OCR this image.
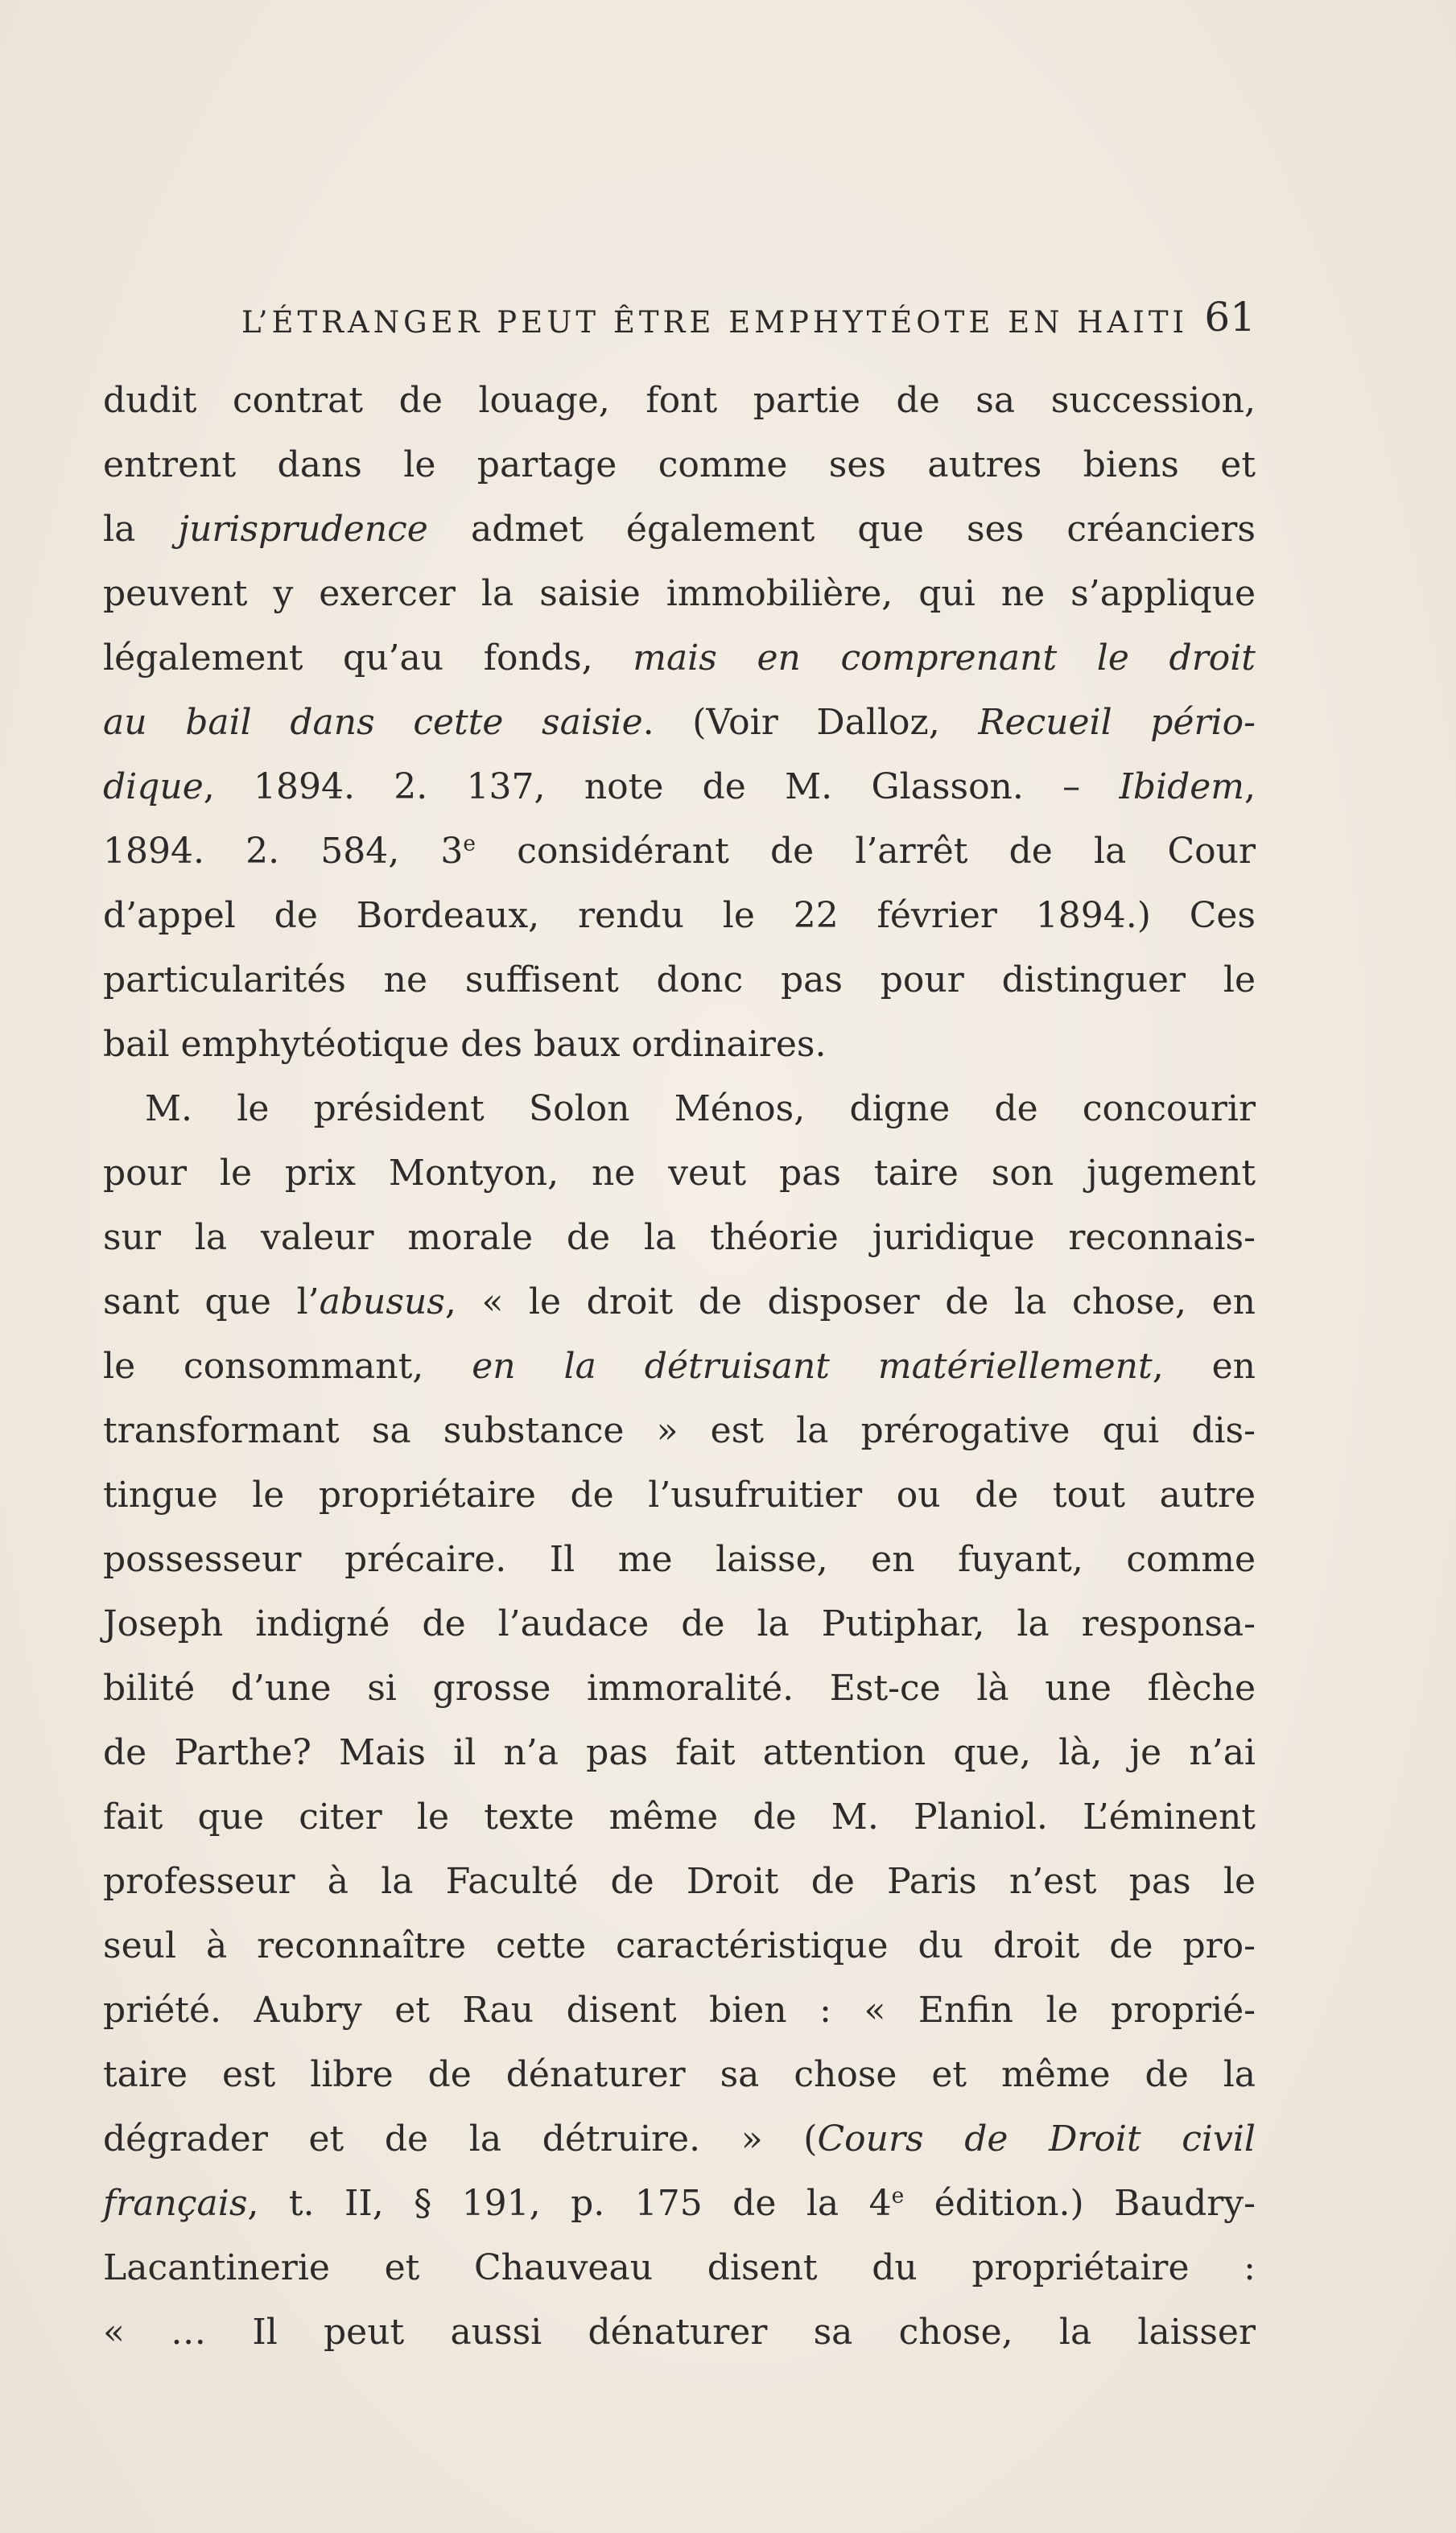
L’ÉTRANGER PEUT ÊTRE EMPHYTÉOTE EN HAITI 61
dudit contrat de louage, font partie de sa succession,
entrent dans le partage comme ses autres biens et
la jurisprudence admet également que ses créanciers
peuvent y exercer la saisie immobilière, qui ne s’applique
légalement qu’au fonds, mais en comprenant le droit
au bail dans cette saisie. (Voir Dalloz, Recueil pério-
dique, 1894. 2. 137, note de M. Glasson. – Ibidem,
1894. 2. 584, 3e considérant de l’arrêt de la Cour
d’appel de Bordeaux, rendu le 22 février 1894.) Ces
particularités ne suffisent donc pas pour distinguer le
bail emphytéotique des baux ordinaires.
M. le président Solon Ménos, digne de concourir
pour le prix Montyon, ne veut pas taire son jugement
sur la valeur morale de la théorie juridique reconnais-
sant que l’abusus, « le droit de disposer de la chose, en
le consommant, en la détruisant matériellement, en
transformant sa substance » est la prérogative qui dis-
tingue le propriétaire de l’usufruitier ou de tout autre
possesseur précaire. Il me laisse, en fuyant, comme
Joseph indigné de l’audace de la Putiphar, la responsa-
bilité d’une si grosse immoralité. Est-ce là une flèche
de Parthe? Mais il n’a pas fait attention que, là, je n’ai
fait que citer le texte même de M. Planiol. L’éminent
professeur à la Faculté de Droit de Paris n’est pas le
seul à reconnaître cette caractéristique du droit de pro-
priété. Aubry et Rau disent bien : « Enfin le proprié-
taire est libre de dénaturer sa chose et même de la
dégrader et de la détruire. » (Cours de Droit civil
français, t. II, § 191, p. 175 de la 4e édition.) Baudry-
Lacantinerie et Chauveau disent du propriétaire :
« … Il peut aussi dénaturer sa chose, la laisser
